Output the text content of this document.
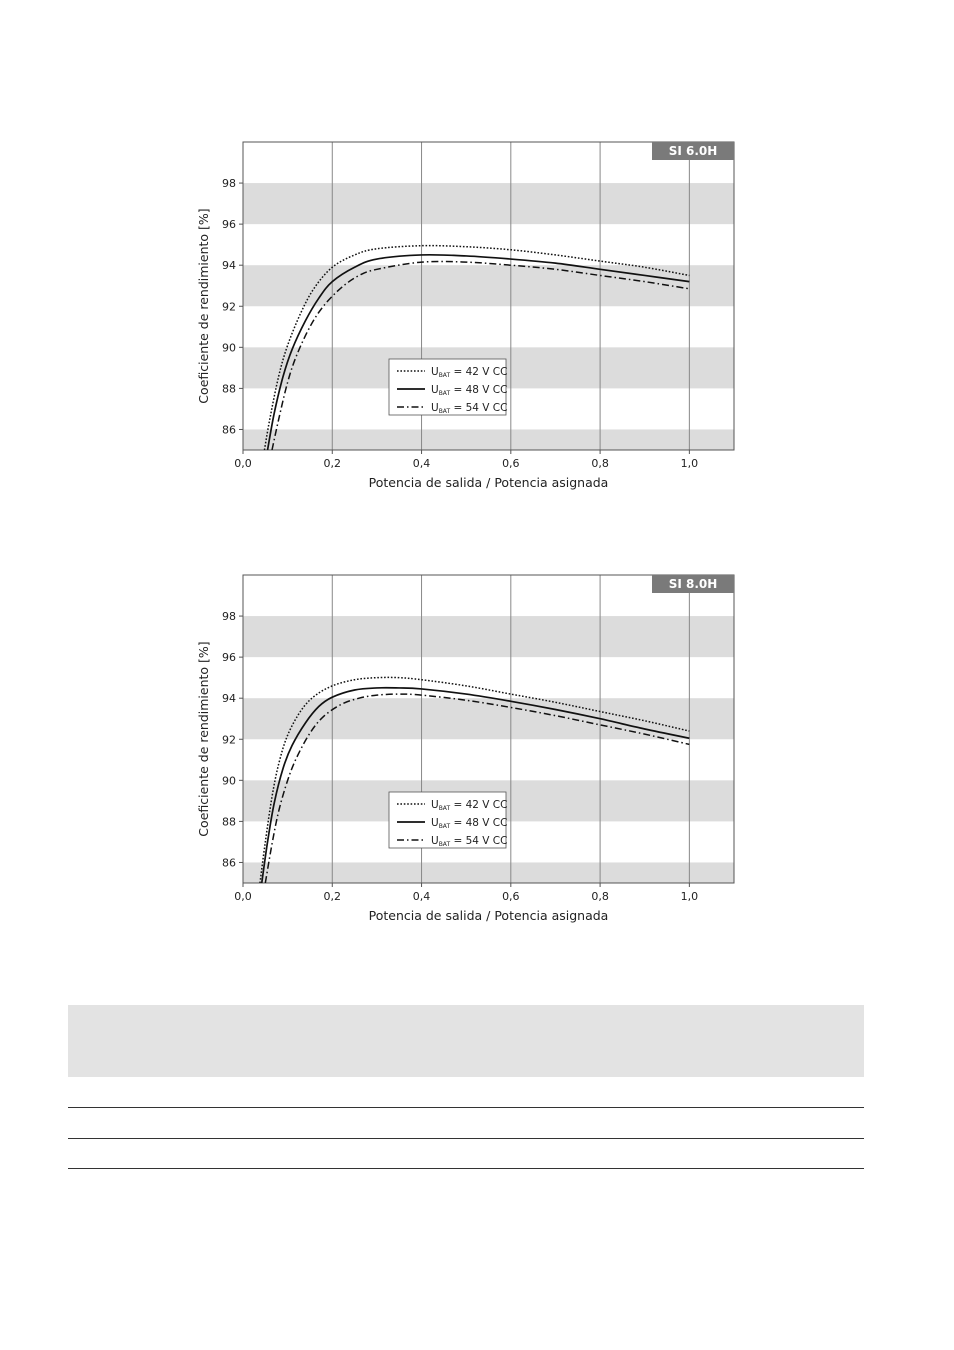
0,0	0,2	0,4	0,6	0,8	1,0
86
88
90
92
94
96
98
Potencia de salida / Potencia asignada
Coeficiente de rendimiento [%]
SI 6.0H
UBAT = 42 V CC
UBAT = 48 V CC
UBAT = 54 V CC
0,0	0,2	0,4	0,6	0,8	1,0
86
88
90
92
94
96
98
Potencia de salida / Potencia asignada
Coeficiente de rendimiento [%]
SI 8.0H
UBAT = 42 V CC
UBAT = 48 V CC
UBAT = 54 V CC
